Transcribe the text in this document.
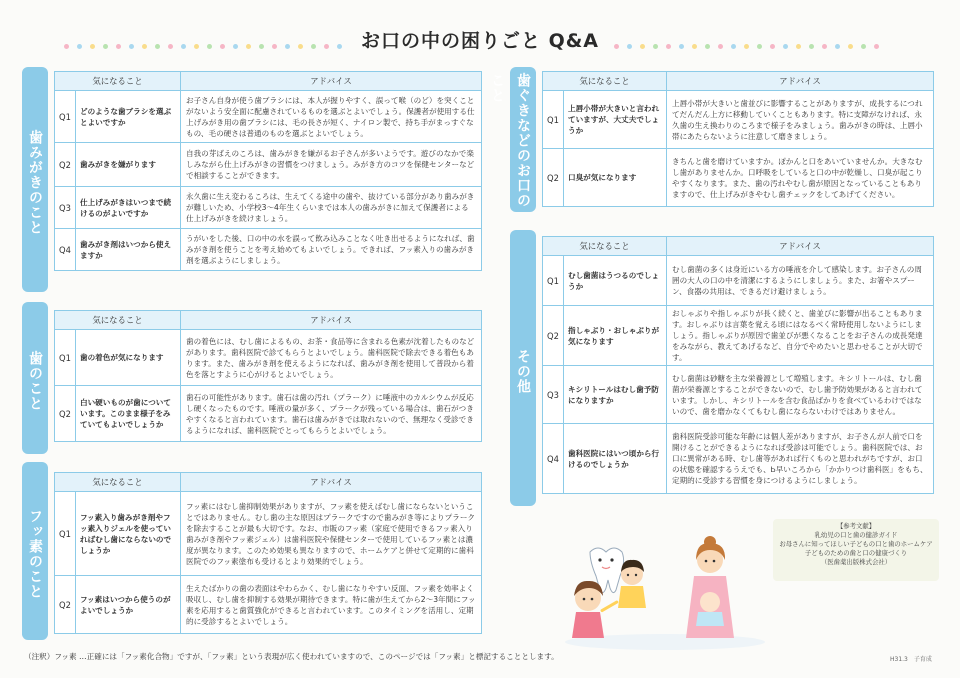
お口の中の困りごと Q&A
歯みがきのこと
気になること		アドバイス
Q1	どのような歯ブラシを選ぶとよいですか	お子さん自身が使う歯ブラシには、本人が握りやすく、誤って喉（のど）を突くことがないよう安全面に配慮されているものを選ぶとよいでしょう。保護者が使用する仕上げみがき用の歯ブラシには、毛の長さが短く、ナイロン製で、持ち手がまっすぐなもの、毛の硬さは普通のものを選ぶとよいでしょう。
Q2	歯みがきを嫌がります	自我の芽ばえのころは、歯みがきを嫌がるお子さんが多いようです。遊びのなかで楽しみながら仕上げみがきの習慣をつけましょう。みがき方のコツを保健センターなどで相談することができます。
Q3	仕上げみがきはいつまで続けるのがよいですか	永久歯に生え変わるころは、生えてくる途中の歯や、抜けている部分があり歯みがきが難しいため、小学校3～4年生くらいまでは本人の歯みがきに加えて保護者による仕上げみがきを続けましょう。
Q4	歯みがき剤はいつから使えますか	うがいをした後、口の中の水を誤って飲み込みことなく吐き出せるようになれば、歯みがき剤を使うことを考え始めてもよいでしょう。できれば、フッ素入りの歯みがき剤を選ぶようにしましょう。
歯のこと
気になること		アドバイス
Q1	歯の着色が気になります	歯の着色には、むし歯によるもの、お茶・食品等に含まれる色素が沈着したものなどがあります。歯科医院で診てもらうとよいでしょう。歯科医院で除去できる着色もあります。また、歯みがき剤を使えるようになれば、歯みがき剤を使用して普段から着色を落とすように心がけるとよいでしょう。
Q2	白い硬いものが歯についています。このまま様子をみていてもよいでしょうか	歯石の可能性があります。歯石は歯の汚れ（プラーク）に唾液中のカルシウムが反応し硬くなったものです。唾液の量が多く、プラークが残っている場合は、歯石がつきやすくなると言われています。歯石は歯みがきでは取れないので、無理なく受診できるようになれば、歯科医院でとってもらうとよいでしょう。
フッ素のこと
気になること		アドバイス
Q1	フッ素入り歯みがき剤やフッ素入りジェルを使っていればむし歯にならないのでしょうか	フッ素にはむし歯抑制効果がありますが、フッ素を使えばむし歯にならないということではありません。むし歯の主な原因はプラークですので歯みがき等によりプラークを除去することが最も大切です。なお、市販のフッ素（家庭で使用できるフッ素入り歯みがき剤やフッ素ジェル）は歯科医院や保健センターで使用しているフッ素とは濃度が異なります。このため効果も異なりますので、ホームケアと併せて定期的に歯科医院でのフッ素塗布も受けるとより効果的でしょう。
Q2	フッ素はいつから使うのがよいでしょうか	生えたばかりの歯の表面はやわらかく、むし歯になりやすい反面、フッ素を効率よく吸収し、むし歯を抑制する効果が期待できます。特に歯が生えてから2～3年間にフッ素を応用すると歯質強化ができると言われています。このタイミングを活用し、定期的に受診するとよいでしょう。
歯ぐきなどのお口のこと	気になること		アドバイス
Q1	上唇小帯が大きいと言われていますが、大丈夫でしょうか	上唇小帯が大きいと歯並びに影響することがありますが、成長するにつれてだんだん上方に移動していくこともあります。特に支障がなければ、永久歯の生え換わりのころまで様子をみましょう。歯みがきの時は、上唇小帯にあたらないように注意して磨きましょう。
Q2	口臭が気になります	きちんと歯を磨けていますか。ぽかんと口をあいていませんか。大きなむし歯がありませんか。口呼吸をしていると口の中が乾燥し、口臭が起こりやすくなります。また、歯の汚れやむし歯が原因となっていることもありますので、仕上げみがきやむし歯チェックをしてあげてください。
その他
気になること		アドバイス
Q1	むし歯菌はうつるのでしょうか	むし歯菌の多くは身近にいる方の唾液を介して感染します。お子さんの周囲の大人の口の中を清潔にするようにしましょう。また、お箸やスプーン、食器の共用は、できるだけ避けましょう。
Q2	指しゃぶり・おしゃぶりが気になります	おしゃぶりや指しゃぶりが長く続くと、歯並びに影響が出ることもあります。おしゃぶりは言葉を覚える頃にはなるべく常時使用しないようにしましょう。指しゃぶりが原因で歯並びが悪くなることをお子さんの成長発達をみながら、教えてあげるなど、自分でやめたいと思わせることが大切です。
Q3	キシリトールはむし歯予防になりますか	むし歯菌は砂糖を主な栄養源として増殖します。キシリトールは、むし歯菌が栄養源とすることができないので、むし歯予防効果があると言われています。しかし、キシリトールを含む食品ばかりを食べているわけではないので、歯を磨かなくてもむし歯にならないわけではありません。
Q4	歯科医院にはいつ頃から行けるのでしょうか	歯科医院受診可能な年齢には個人差がありますが、お子さんが人前で口を開けることができるようになれば受診は可能でしょう。歯科医院では、お口に異常がある時、むし歯等があれば行くものと思われがちですが、お口の状態を確認するうえでも、Ꮟ早いころから「かかりつけ歯科医」をもち、定期的に受診する習慣を身につけるようにしましょう。
【参考文献】
乳幼児の口と歯の健診ガイド
お母さんに知ってほしい子どもの口と歯のホームケア
子どものための歯と口の健康づくり
（医歯薬出版株式会社）
（注釈）フッ素 …正確には「フッ素化合物」ですが、「フッ素」という表現が広く使われていますので、このページでは「フッ素」と標記することとします。	H31.3　子育成
